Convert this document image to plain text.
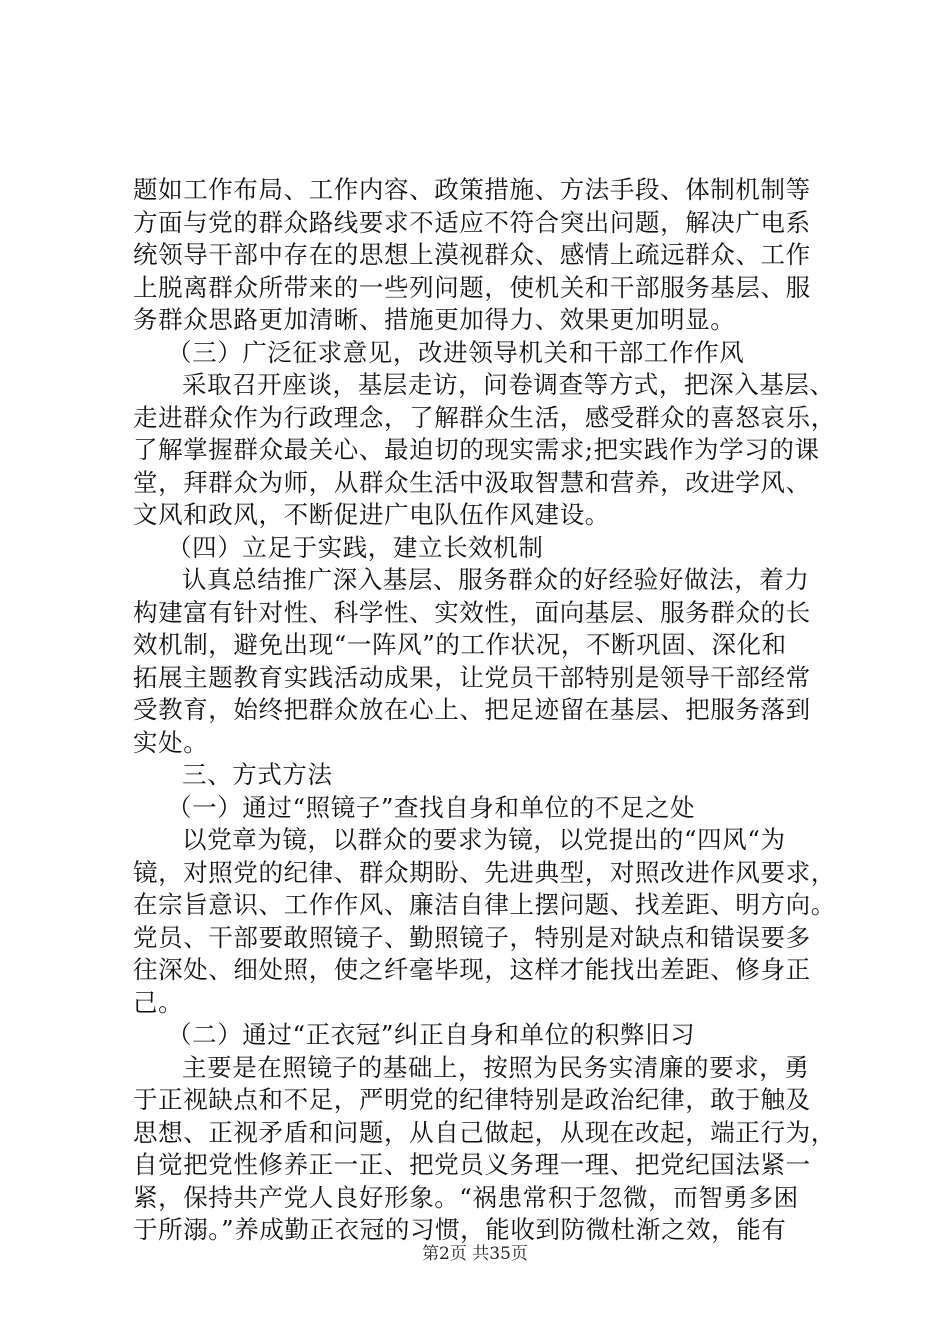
题如工作布局、工作内容、政策措施、方法手段、体制机制等
方面与党的群众路线要求不适应不符合突出问题，解决广电系
统领导干部中存在的思想上漠视群众、感情上疏远群众、工作
上脱离群众所带来的一些列问题，使机关和干部服务基层、服
务群众思路更加清晰、措施更加得力、效果更加明显。
（三）广泛征求意见，改进领导机关和干部工作作风
采取召开座谈，基层走访，问卷调查等方式，把深入基层、
走进群众作为行政理念，了解群众生活，感受群众的喜怒哀乐，
了解掌握群众最关心、最迫切的现实需求;把实践作为学习的课
堂，拜群众为师，从群众生活中汲取智慧和营养，改进学风、
文风和政风，不断促进广电队伍作风建设。
（四）立足于实践，建立长效机制
认真总结推广深入基层、服务群众的好经验好做法，着力
构建富有针对性、科学性、实效性，面向基层、服务群众的长
效机制，避免出现“一阵风”的工作状况，不断巩固、深化和
拓展主题教育实践活动成果，让党员干部特别是领导干部经常
受教育，始终把群众放在心上、把足迹留在基层、把服务落到
实处。
三、方式方法
（一）通过“照镜子”查找自身和单位的不足之处
以党章为镜，以群众的要求为镜，以党提出的“四风“为
镜，对照党的纪律、群众期盼、先进典型，对照改进作风要求，
在宗旨意识、工作作风、廉洁自律上摆问题、找差距、明方向。
党员、干部要敢照镜子、勤照镜子，特别是对缺点和错误要多
往深处、细处照，使之纤毫毕现，这样才能找出差距、修身正
己。
（二）通过“正衣冠”纠正自身和单位的积弊旧习
主要是在照镜子的基础上，按照为民务实清廉的要求，勇
于正视缺点和不足，严明党的纪律特别是政治纪律，敢于触及
思想、正视矛盾和问题，从自己做起，从现在改起，端正行为，
自觉把党性修养正一正、把党员义务理一理、把党纪国法紧一
紧，保持共产党人良好形象。“祸患常积于忽微，而智勇多困
于所溺。”养成勤正衣冠的习惯，能收到防微杜渐之效，能有
第2页 共35页
